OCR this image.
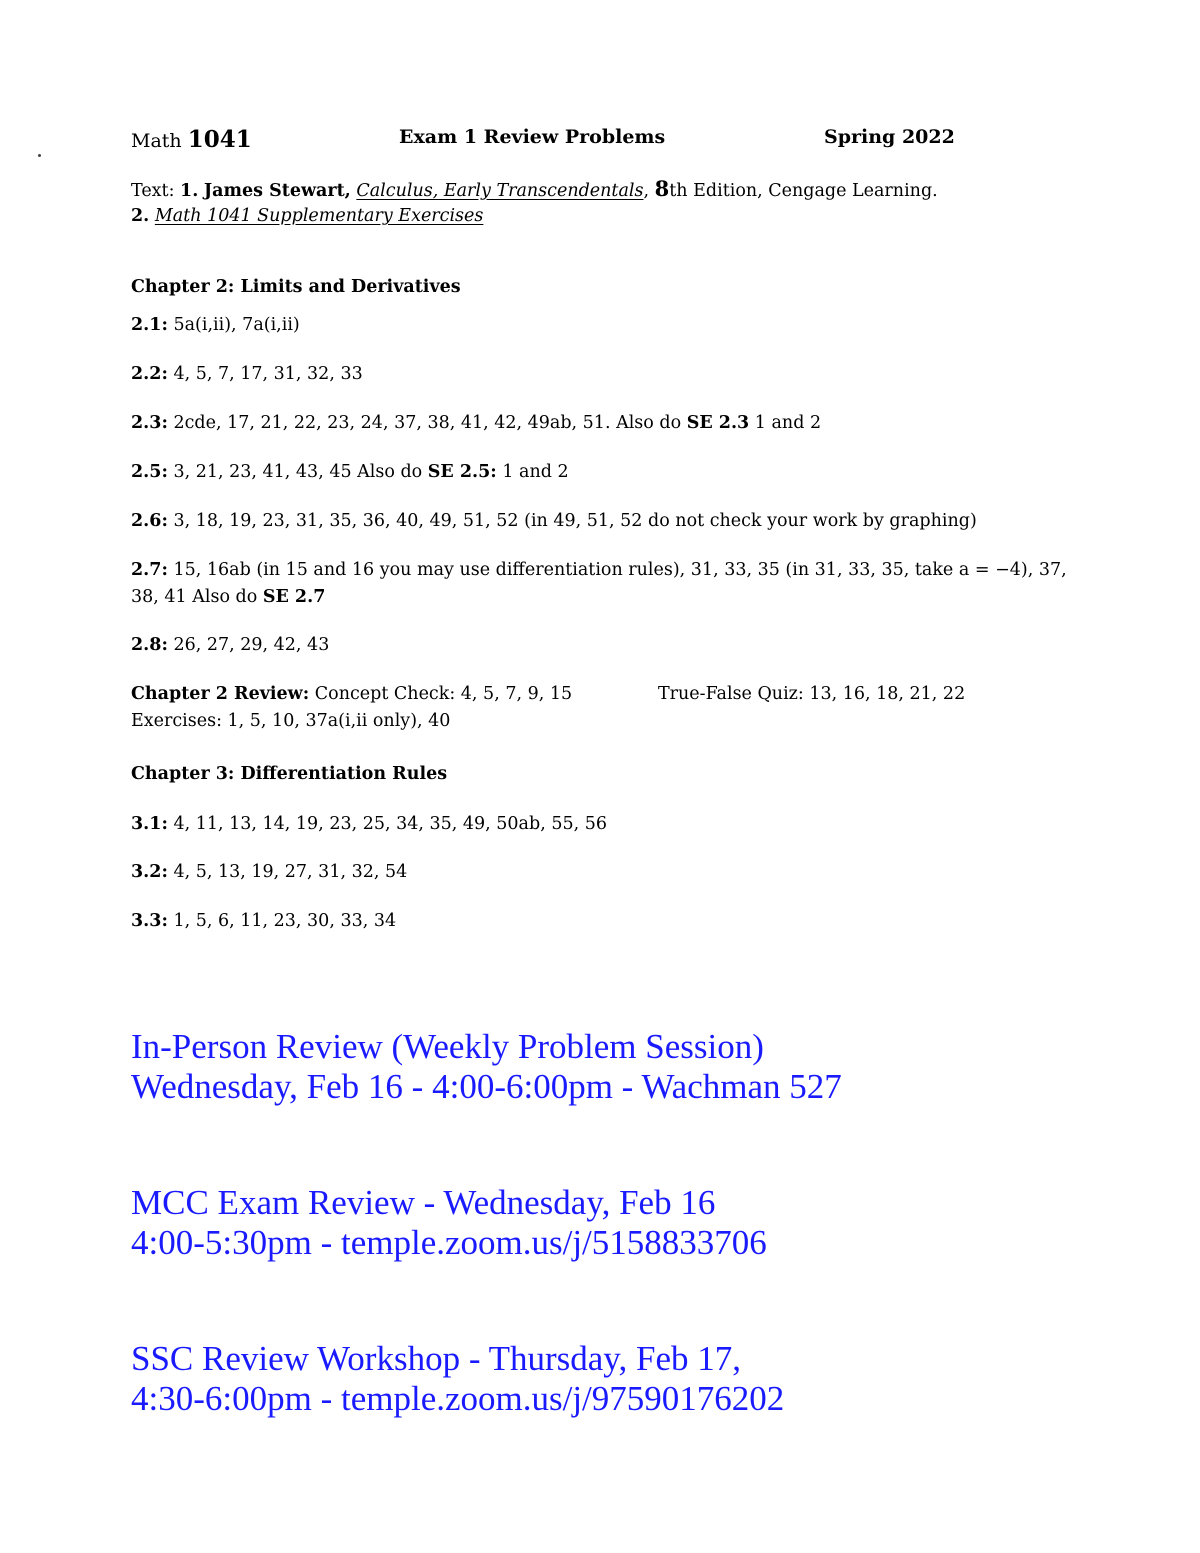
Math 1041	Exam 1 Review Problems	Spring 2022
Text: 1. James Stewart, Calculus, Early Transcendentals, 8th Edition, Cengage Learning.
2. Math 1041 Supplementary Exercises
Chapter 2: Limits and Derivatives
2.1: 5a(i,ii), 7a(i,ii)
2.2: 4, 5, 7, 17, 31, 32, 33
2.3: 2cde, 17, 21, 22, 23, 24, 37, 38, 41, 42, 49ab, 51. Also do SE 2.3 1 and 2
2.5: 3, 21, 23, 41, 43, 45 Also do SE 2.5: 1 and 2
2.6: 3, 18, 19, 23, 31, 35, 36, 40, 49, 51, 52 (in 49, 51, 52 do not check your work by graphing)
2.7: 15, 16ab (in 15 and 16 you may use differentiation rules), 31, 33, 35 (in 31, 33, 35, take a = −4), 37,
38, 41 Also do SE 2.7
2.8: 26, 27, 29, 42, 43
Chapter 2 Review: Concept Check: 4, 5, 7, 9, 15	True-False Quiz: 13, 16, 18, 21, 22
Exercises: 1, 5, 10, 37a(i,ii only), 40
Chapter 3: Differentiation Rules
3.1: 4, 11, 13, 14, 19, 23, 25, 34, 35, 49, 50ab, 55, 56
3.2: 4, 5, 13, 19, 27, 31, 32, 54
3.3: 1, 5, 6, 11, 23, 30, 33, 34
In-Person Review (Weekly Problem Session)
Wednesday, Feb 16 - 4:00-6:00pm - Wachman 527
MCC Exam Review - Wednesday, Feb 16
4:00-5:30pm - temple.zoom.us/j/5158833706
SSC Review Workshop - Thursday, Feb 17,
4:30-6:00pm - temple.zoom.us/j/97590176202
